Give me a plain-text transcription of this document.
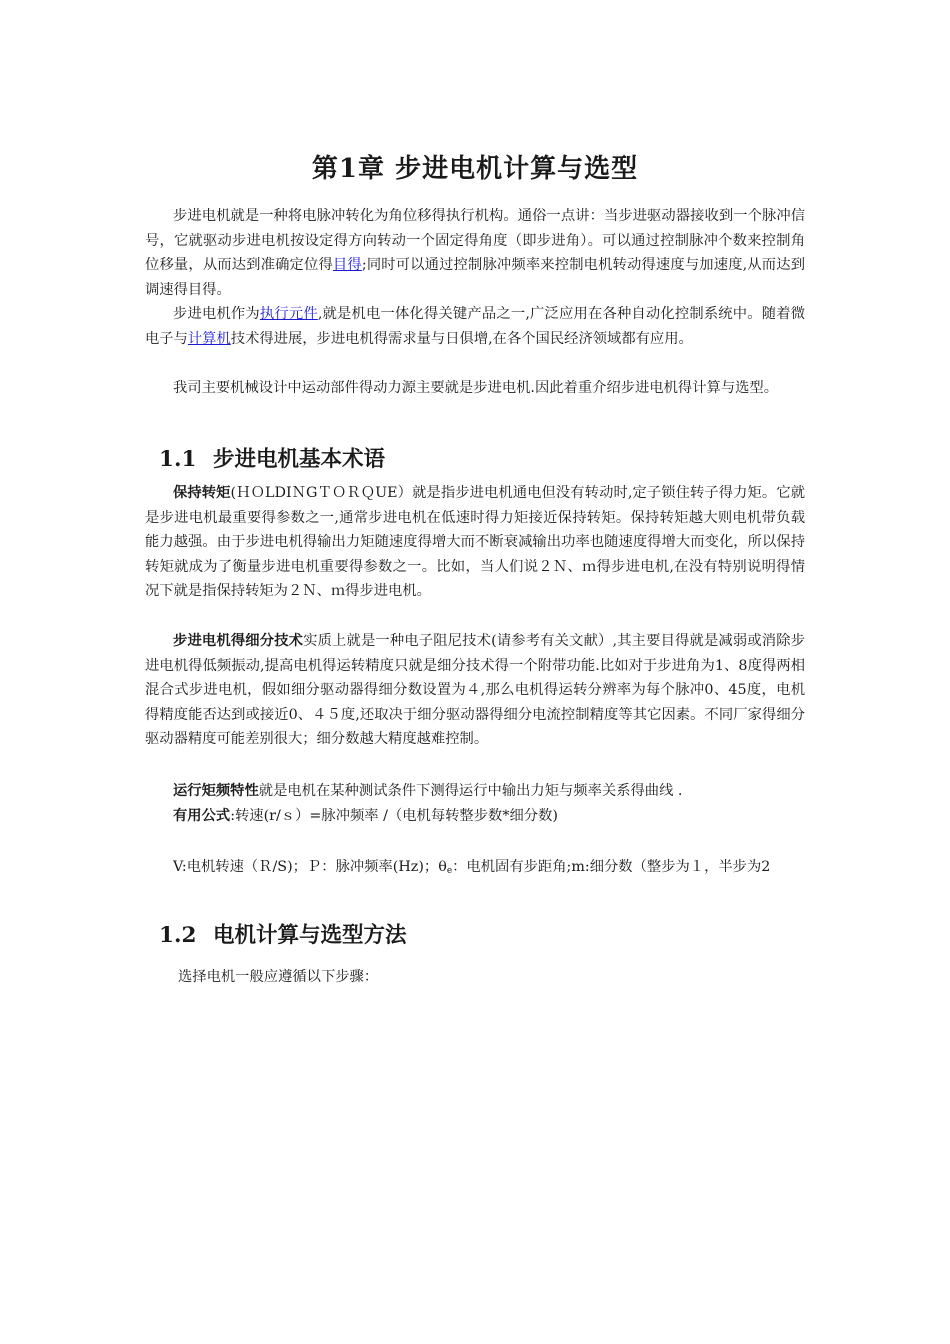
第1章 步进电机计算与选型

步进电机就是一种将电脉冲转化为角位移得执行机构。通俗一点讲：当步进驱动器接收到一个脉冲信号，它就驱动步进电机按设定得方向转动一个固定得角度（即步进角）。可以通过控制脉冲个数来控制角位移量，从而达到准确定位得目得;同时可以通过控制脉冲频率来控制电机转动得速度与加速度,从而达到调速得目得。

步进电机作为执行元件,就是机电一体化得关键产品之一,广泛应用在各种自动化控制系统中。随着微电子与计算机技术得进展，步进电机得需求量与日俱增,在各个国民经济领域都有应用。

我司主要机械设计中运动部件得动力源主要就是步进电机.因此着重介绍步进电机得计算与选型。

1.1 步进电机基本术语

保持转矩(ＨＯLDIＮGＴＯＲＱUE）就是指步进电机通电但没有转动时,定子锁住转子得力矩。它就是步进电机最重要得参数之一,通常步进电机在低速时得力矩接近保持转矩。保持转矩越大则电机带负载能力越强。由于步进电机得输出力矩随速度得增大而不断衰减输出功率也随速度得增大而变化，所以保持转矩就成为了衡量步进电机重要得参数之一。比如，当人们说２Ｎ、ｍ得步进电机,在没有特别说明得情况下就是指保持转矩为２Ｎ、ｍ得步进电机。

步进电机得细分技术实质上就是一种电子阻尼技术(请参考有关文献）,其主要目得就是减弱或消除步进电机得低频振动,提高电机得运转精度只就是细分技术得一个附带功能.比如对于步进角为1、8度得两相混合式步进电机，假如细分驱动器得细分数设置为４,那么电机得运转分辨率为每个脉冲0、45度，电机得精度能否达到或接近0、４５度,还取决于细分驱动器得细分电流控制精度等其它因素。不同厂家得细分驱动器精度可能差别很大；细分数越大精度越难控制。

运行矩频特性就是电机在某种测试条件下测得运行中输出力矩与频率关系得曲线 .

有用公式:转速(r/ｓ）=脉冲频率 /（电机每转整步数*细分数)

V:电机转速（Ｒ/S)；Ｐ：脉冲频率(Hz)；$\theta_e$：电机固有步距角;m:细分数（整步为１，半步为2

1.2 电机计算与选型方法

选择电机一般应遵循以下步骤：
